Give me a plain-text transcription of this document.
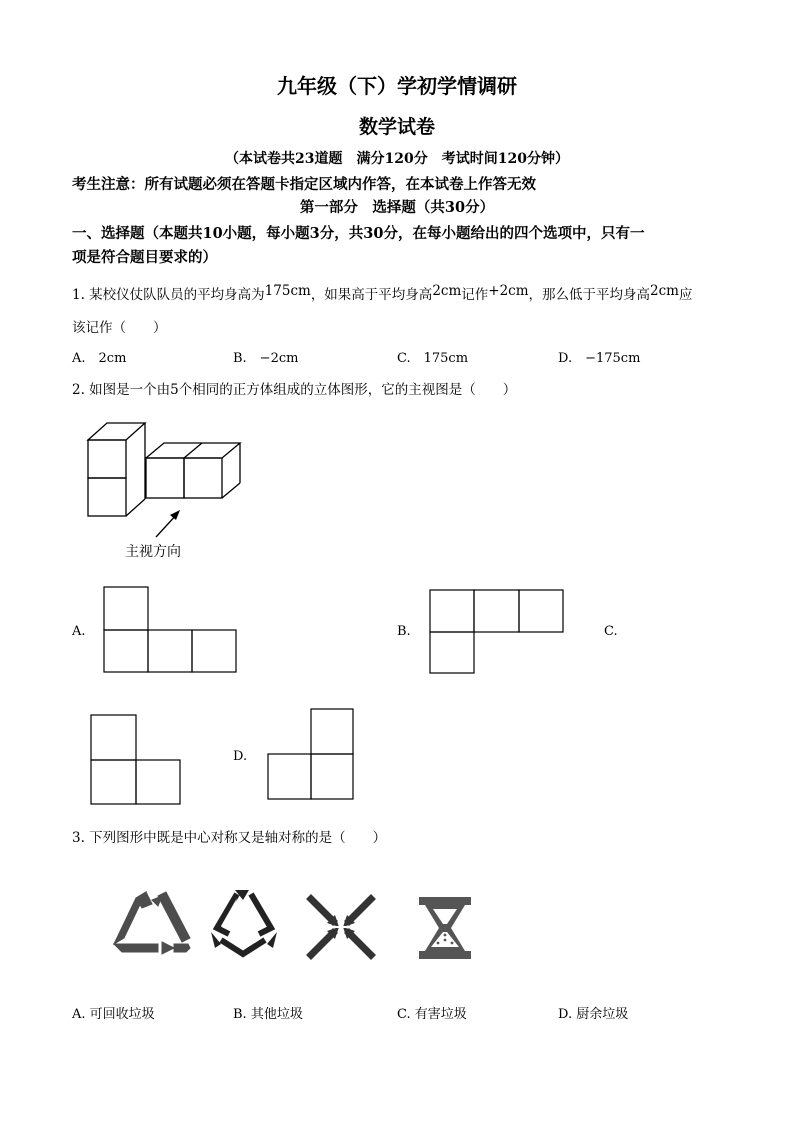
九年级（下）学初学情调研
数学试卷
（本试卷共23道题　满分120分　考试时间120分钟）
考生注意：所有试题必须在答题卡指定区域内作答，在本试卷上作答无效
第一部分　选择题（共30分）
一、选择题（本题共10小题，每小题3分，共30分，在每小题给出的四个选项中，只有一
项是符合题目要求的）
1. 某校仪仗队队员的平均身高为175cm，如果高于平均身高2cm记作+2cm，那么低于平均身高2cm应
该记作（　　）
A.　2cm	B.　−2cm	C.　175cm	D.　−175cm
2. 如图是一个由5个相同的正方体组成的立体图形，它的主视图是（　　）
主视方向
A.	B.	C.
D.
3. 下列图形中既是中心对称又是轴对称的是（　　）
A. 可回收垃圾	B. 其他垃圾	C. 有害垃圾	D. 厨余垃圾
